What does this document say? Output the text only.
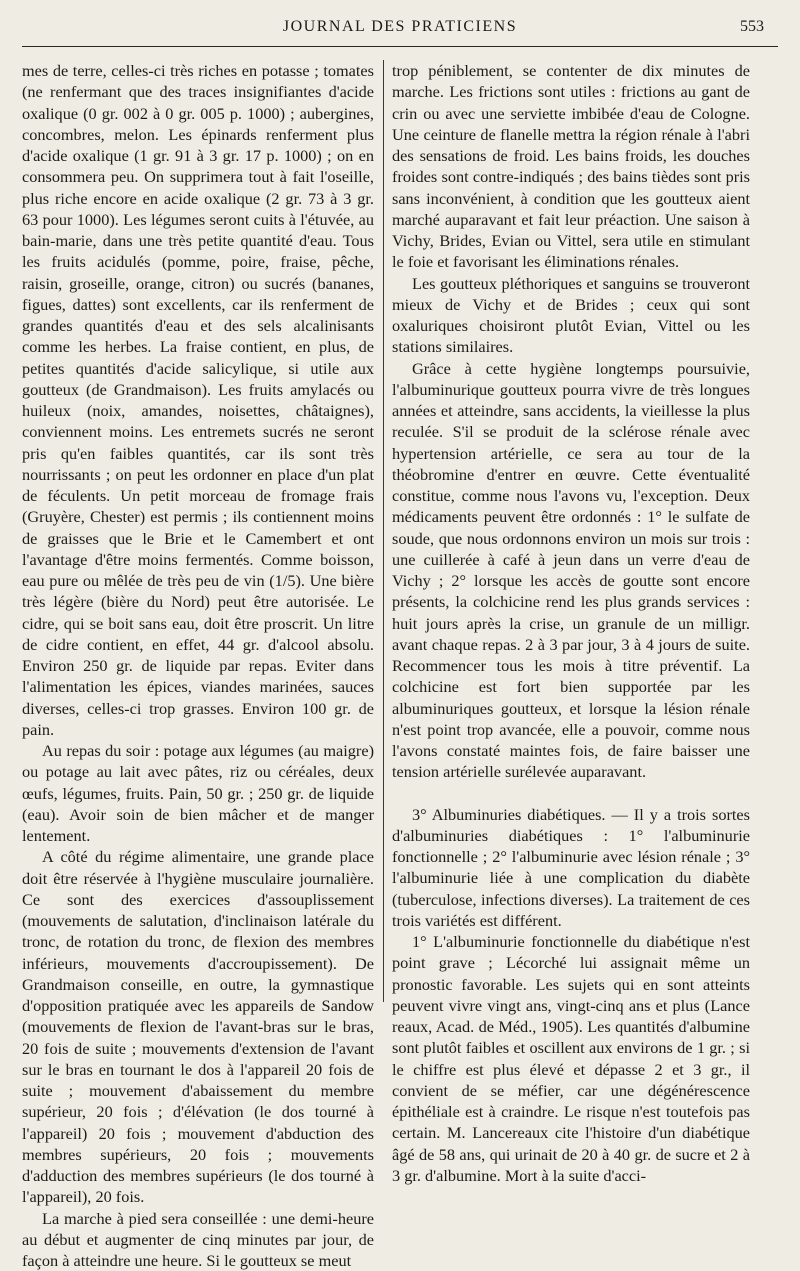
JOURNAL DES PRATICIENS	553

mes de terre, celles-ci très riches en potasse ; tomates (ne renfermant que des traces insignifiantes d'acide oxalique (0 gr. 002 à 0 gr. 005 p. 1000) ; aubergines, concombres, melon. Les épinards renferment plus d'acide oxalique (1 gr. 91 à 3 gr. 17 p. 1000) ; on en consommera peu. On supprimera tout à fait l'oseille, plus riche encore en acide oxalique (2 gr. 73 à 3 gr. 63 pour 1000). Les légumes seront cuits à l'étuvée, au bain-marie, dans une très petite quantité d'eau. Tous les fruits acidulés (pomme, poire, fraise, pêche, raisin, groseille, orange, citron) ou sucrés (bananes, figues, dattes) sont excellents, car ils renferment de grandes quantités d'eau et des sels alcalinisants comme les herbes. La fraise contient, en plus, de petites quantités d'acide salicylique, si utile aux goutteux (de Grandmaison). Les fruits amylacés ou huileux (noix, amandes, noisettes, châtaignes), conviennent moins. Les entremets sucrés ne seront pris qu'en faibles quantités, car ils sont très nourrissants ; on peut les ordonner en place d'un plat de féculents. Un petit morceau de fromage frais (Gruyère, Chester) est permis ; ils contiennent moins de graisses que le Brie et le Camembert et ont l'avantage d'être moins fermentés. Comme boisson, eau pure ou mêlée de très peu de vin (1/5). Une bière très légère (bière du Nord) peut être autorisée. Le cidre, qui se boit sans eau, doit être proscrit. Un litre de cidre contient, en effet, 44 gr. d'alcool absolu. Environ 250 gr. de liquide par repas. Eviter dans l'alimentation les épices, viandes marinées, sauces diverses, celles-ci trop grasses. Environ 100 gr. de pain.

Au repas du soir : potage aux légumes (au maigre) ou potage au lait avec pâtes, riz ou céréales, deux œufs, légumes, fruits. Pain, 50 gr. ; 250 gr. de liquide (eau). Avoir soin de bien mâcher et de manger lentement.

A côté du régime alimentaire, une grande place doit être réservée à l'hygiène musculaire journalière. Ce sont des exercices d'assouplissement (mouvements de salutation, d'inclinaison latérale du tronc, de rotation du tronc, de flexion des membres inférieurs, mouvements d'accroupissement). De Grandmaison conseille, en outre, la gymnastique d'opposition pratiquée avec les appareils de Sandow (mouvements de flexion de l'avant-bras sur le bras, 20 fois de suite ; mouvements d'extension de l'avant sur le bras en tournant le dos à l'appareil 20 fois de suite ; mouvement d'abaissement du membre supérieur, 20 fois ; d'élévation (le dos tourné à l'appareil) 20 fois ; mouvement d'abduction des membres supérieurs, 20 fois ; mouvements d'adduction des membres supérieurs (le dos tourné à l'appareil), 20 fois.

La marche à pied sera conseillée : une demi-heure au début et augmenter de cinq minutes par jour, de façon à atteindre une heure. Si le goutteux se meut

trop péniblement, se contenter de dix minutes de marche. Les frictions sont utiles : frictions au gant de crin ou avec une serviette imbibée d'eau de Cologne. Une ceinture de flanelle mettra la région rénale à l'abri des sensations de froid. Les bains froids, les douches froides sont contre-indiqués ; des bains tièdes sont pris sans inconvénient, à condition que les goutteux aient marché auparavant et fait leur préaction. Une saison à Vichy, Brides, Evian ou Vittel, sera utile en stimulant le foie et favorisant les éliminations rénales.

Les goutteux pléthoriques et sanguins se trouveront mieux de Vichy et de Brides ; ceux qui sont oxaluriques choisiront plutôt Evian, Vittel ou les stations similaires.

Grâce à cette hygiène longtemps poursuivie, l'albuminurique goutteux pourra vivre de très longues années et atteindre, sans accidents, la vieillesse la plus reculée. S'il se produit de la sclérose rénale avec hypertension artérielle, ce sera au tour de la théobromine d'entrer en œuvre. Cette éventualité constitue, comme nous l'avons vu, l'exception. Deux médicaments peuvent être ordonnés : 1° le sulfate de soude, que nous ordonnons environ un mois sur trois : une cuillerée à café à jeun dans un verre d'eau de Vichy ; 2° lorsque les accès de goutte sont encore présents, la colchicine rend les plus grands services : huit jours après la crise, un granule de un milligr. avant chaque repas. 2 à 3 par jour, 3 à 4 jours de suite. Recommencer tous les mois à titre préventif. La colchicine est fort bien supportée par les albuminuriques goutteux, et lorsque la lésion rénale n'est point trop avancée, elle a pouvoir, comme nous l'avons constaté maintes fois, de faire baisser une tension artérielle surélevée auparavant.

3° Albuminuries diabétiques. — Il y a trois sortes d'albuminuries diabétiques : 1° l'albuminurie fonctionnelle ; 2° l'albuminurie avec lésion rénale ; 3° l'albuminurie liée à une complication du diabète (tuberculose, infections diverses). La traitement de ces trois variétés est différent.

1° L'albuminurie fonctionnelle du diabétique n'est point grave ; Lécorché lui assignait même un pronostic favorable. Les sujets qui en sont atteints peuvent vivre vingt ans, vingt-cinq ans et plus (Lance reaux, Acad. de Méd., 1905). Les quantités d'albumine sont plutôt faibles et oscillent aux environs de 1 gr. ; si le chiffre est plus élevé et dépasse 2 et 3 gr., il convient de se méfier, car une dégénérescence épithéliale est à craindre. Le risque n'est toutefois pas certain. M. Lancereaux cite l'histoire d'un diabétique âgé de 58 ans, qui urinait de 20 à 40 gr. de sucre et 2 à 3 gr. d'albumine. Mort à la suite d'acci-
